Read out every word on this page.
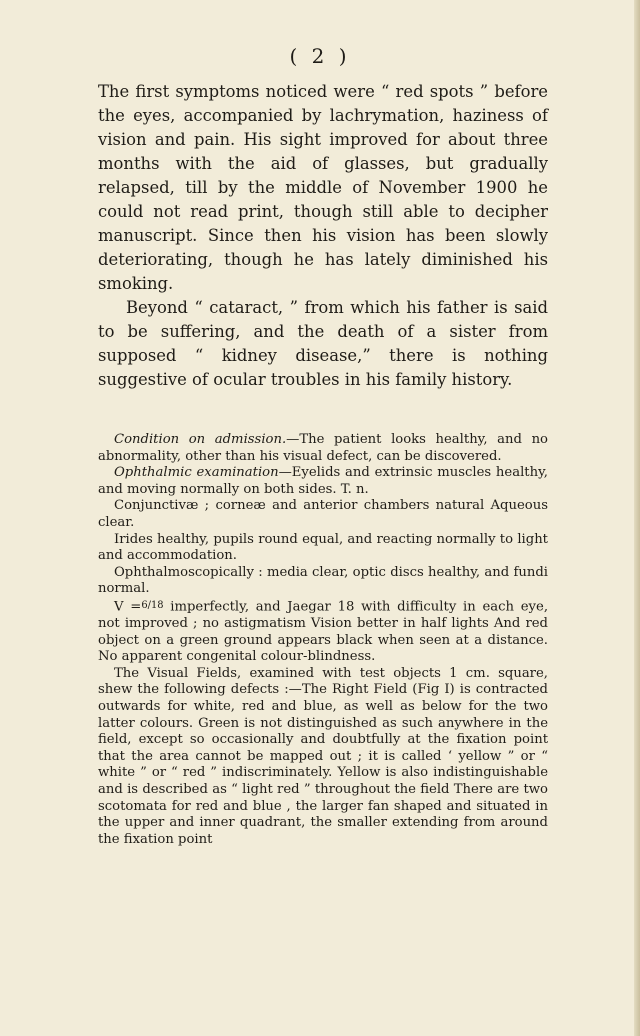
( 2 )

The first symptoms noticed were “ red spots ” before the eyes, accompanied by lachrymation, haziness of vision and pain. His sight improved for about three months with the aid of glasses, but gradually relapsed, till by the middle of November 1900 he could not read print, though still able to decipher manuscript. Since then his vision has been slowly deteriorating, though he has lately diminished his smoking.

Beyond “ cataract, ” from which his father is said to be suffering, and the death of a sister from supposed “ kidney disease,” there is nothing suggestive of ocular troubles in his family history.

Condition on admission.—The patient looks healthy, and no abnormality, other than his visual defect, can be discovered.

Ophthalmic examination—Eyelids and extrinsic muscles healthy, and moving normally on both sides. T. n.

Conjunctivæ ; corneæ and anterior chambers natural Aqueous clear.

Irides healthy, pupils round equal, and reacting normally to light and accommodation.

Ophthalmoscopically : media clear, optic discs healthy, and fundi normal.

V =6/18 imperfectly, and Jaegar 18 with difficulty in each eye, not improved ; no astigmatism Vision better in half lights And red object on a green ground appears black when seen at a distance. No apparent congenital colour-blindness.

The Visual Fields, examined with test objects 1 cm. square, shew the following defects :—The Right Field (Fig I) is contracted outwards for white, red and blue, as well as below for the two latter colours. Green is not distinguished as such anywhere in the field, except so occasionally and doubtfully at the fixation point that the area cannot be mapped out ; it is called ‘ yellow ” or “ white ” or “ red ” indiscriminately. Yellow is also indistinguishable and is described as “ light red ” throughout the field There are two scotomata for red and blue , the larger fan shaped and situated in the upper and inner quadrant, the smaller extending from around the fixation point
